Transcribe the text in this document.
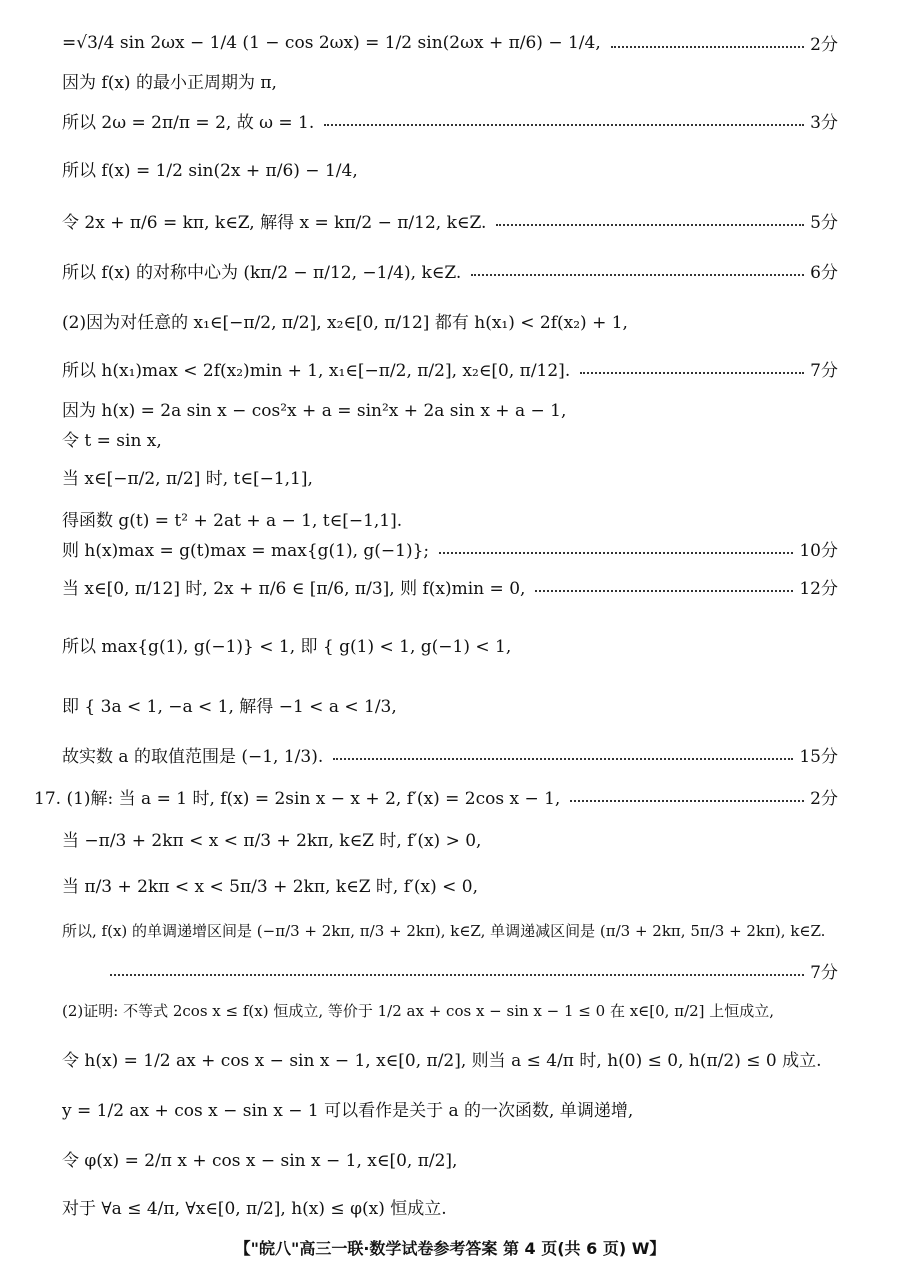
=√3/4 sin 2ωx − 1/4 (1 − cos 2ωx) = 1/2 sin(2ωx + π/6) − 1/4,	2分
因为 f(x) 的最小正周期为 π,
所以 2ω = 2π/π = 2, 故 ω = 1.	3分
所以 f(x) = 1/2 sin(2x + π/6) − 1/4,
令 2x + π/6 = kπ, k∈Z, 解得 x = kπ/2 − π/12, k∈Z.	5分
所以 f(x) 的对称中心为 (kπ/2 − π/12, −1/4), k∈Z.	6分
(2)因为对任意的 x₁∈[−π/2, π/2], x₂∈[0, π/12] 都有 h(x₁) < 2f(x₂) + 1,
所以 h(x₁)max < 2f(x₂)min + 1, x₁∈[−π/2, π/2], x₂∈[0, π/12].	7分
因为 h(x) = 2a sin x − cos²x + a = sin²x + 2a sin x + a − 1,
令 t = sin x,
当 x∈[−π/2, π/2] 时, t∈[−1,1],
得函数 g(t) = t² + 2at + a − 1, t∈[−1,1].
则 h(x)max = g(t)max = max{g(1), g(−1)};	10分
当 x∈[0, π/12] 时, 2x + π/6 ∈ [π/6, π/3], 则 f(x)min = 0,	12分
所以 max{g(1), g(−1)} < 1, 即 { g(1) < 1, g(−1) < 1,
即 { 3a < 1, −a < 1, 解得 −1 < a < 1/3,
故实数 a 的取值范围是 (−1, 1/3).	15分
17. (1)解: 当 a = 1 时, f(x) = 2sin x − x + 2, f′(x) = 2cos x − 1,	2分
当 −π/3 + 2kπ < x < π/3 + 2kπ, k∈Z 时, f′(x) > 0,
当 π/3 + 2kπ < x < 5π/3 + 2kπ, k∈Z 时, f′(x) < 0,
所以, f(x) 的单调递增区间是 (−π/3 + 2kπ, π/3 + 2kπ), k∈Z, 单调递减区间是 (π/3 + 2kπ, 5π/3 + 2kπ), k∈Z.
7分
(2)证明: 不等式 2cos x ≤ f(x) 恒成立, 等价于 1/2 ax + cos x − sin x − 1 ≤ 0 在 x∈[0, π/2] 上恒成立,
令 h(x) = 1/2 ax + cos x − sin x − 1, x∈[0, π/2], 则当 a ≤ 4/π 时, h(0) ≤ 0, h(π/2) ≤ 0 成立.
y = 1/2 ax + cos x − sin x − 1 可以看作是关于 a 的一次函数, 单调递增,
令 φ(x) = 2/π x + cos x − sin x − 1, x∈[0, π/2],
对于 ∀a ≤ 4/π, ∀x∈[0, π/2], h(x) ≤ φ(x) 恒成立.
【"皖八"高三一联·数学试卷参考答案 第 4 页(共 6 页) W】
